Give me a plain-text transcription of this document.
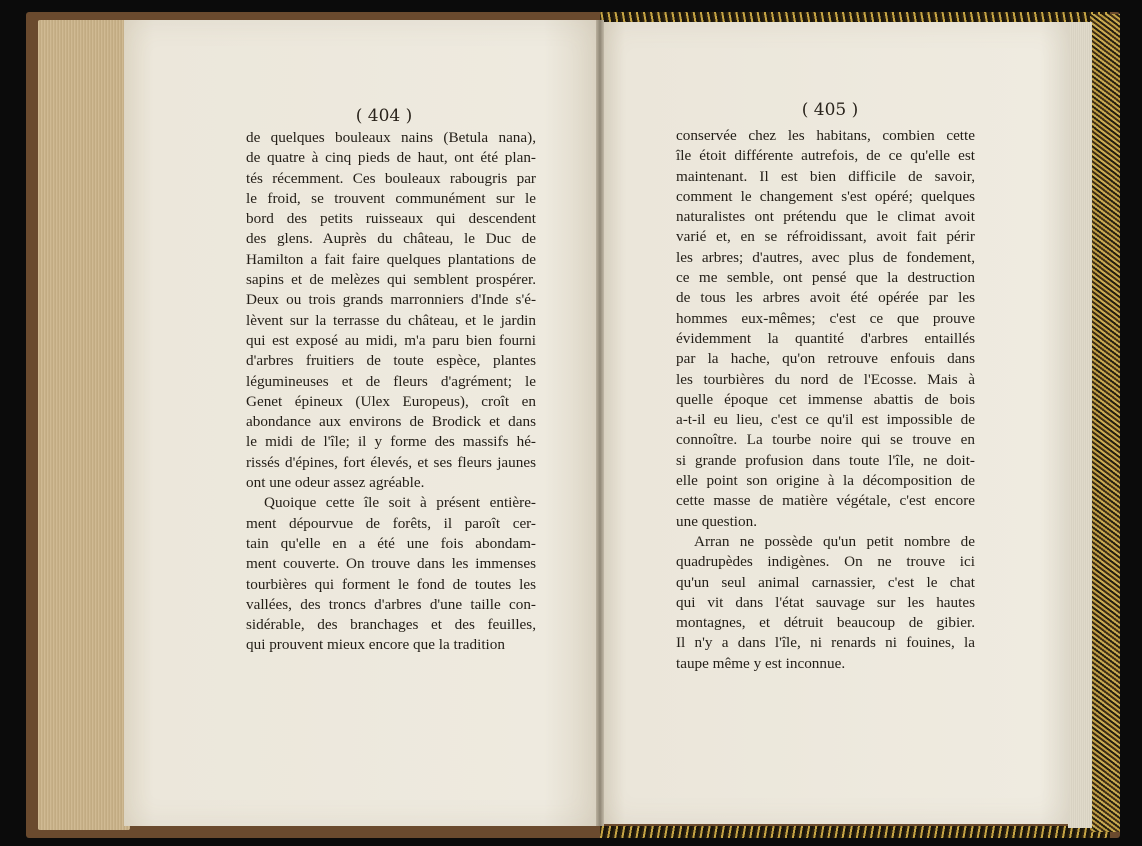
( 404 )
de quelques bouleaux nains (Betula nana),
de quatre à cinq pieds de haut, ont été plan-
tés récemment. Ces bouleaux rabougris par
le froid, se trouvent communément sur le
bord des petits ruisseaux qui descendent
des glens. Auprès du château, le Duc de
Hamilton a fait faire quelques plantations de
sapins et de melèzes qui semblent prospérer.
Deux ou trois grands marronniers d'Inde s'é-
lèvent sur la terrasse du château, et le jardin
qui est exposé au midi, m'a paru bien fourni
d'arbres fruitiers de toute espèce, plantes
légumineuses et de fleurs d'agrément; le
Genet épineux (Ulex Europeus), croît en
abondance aux environs de Brodick et dans
le midi de l'île; il y forme des massifs hé-
rissés d'épines, fort élevés, et ses fleurs jaunes
ont une odeur assez agréable.
Quoique cette île soit à présent entière-
ment dépourvue de forêts, il paroît cer-
tain qu'elle en a été une fois abondam-
ment couverte. On trouve dans les immenses
tourbières qui forment le fond de toutes les
vallées, des troncs d'arbres d'une taille con-
sidérable, des branchages et des feuilles,
qui prouvent mieux encore que la tradition
( 405 )
conservée chez les habitans, combien cette
île étoit différente autrefois, de ce qu'elle est
maintenant. Il est bien difficile de savoir,
comment le changement s'est opéré; quelques
naturalistes ont prétendu que le climat avoit
varié et, en se réfroidissant, avoit fait périr
les arbres; d'autres, avec plus de fondement,
ce me semble, ont pensé que la destruction
de tous les arbres avoit été opérée par les
hommes eux-mêmes; c'est ce que prouve
évidemment la quantité d'arbres entaillés
par la hache, qu'on retrouve enfouis dans
les tourbières du nord de l'Ecosse. Mais à
quelle époque cet immense abattis de bois
a-t-il eu lieu, c'est ce qu'il est impossible de
connoître. La tourbe noire qui se trouve en
si grande profusion dans toute l'île, ne doit-
elle point son origine à la décomposition de
cette masse de matière végétale, c'est encore
une question.
Arran ne possède qu'un petit nombre de
quadrupèdes indigènes. On ne trouve ici
qu'un seul animal carnassier, c'est le chat
qui vit dans l'état sauvage sur les hautes
montagnes, et détruit beaucoup de gibier.
Il n'y a dans l'île, ni renards ni fouines, la
taupe même y est inconnue.
